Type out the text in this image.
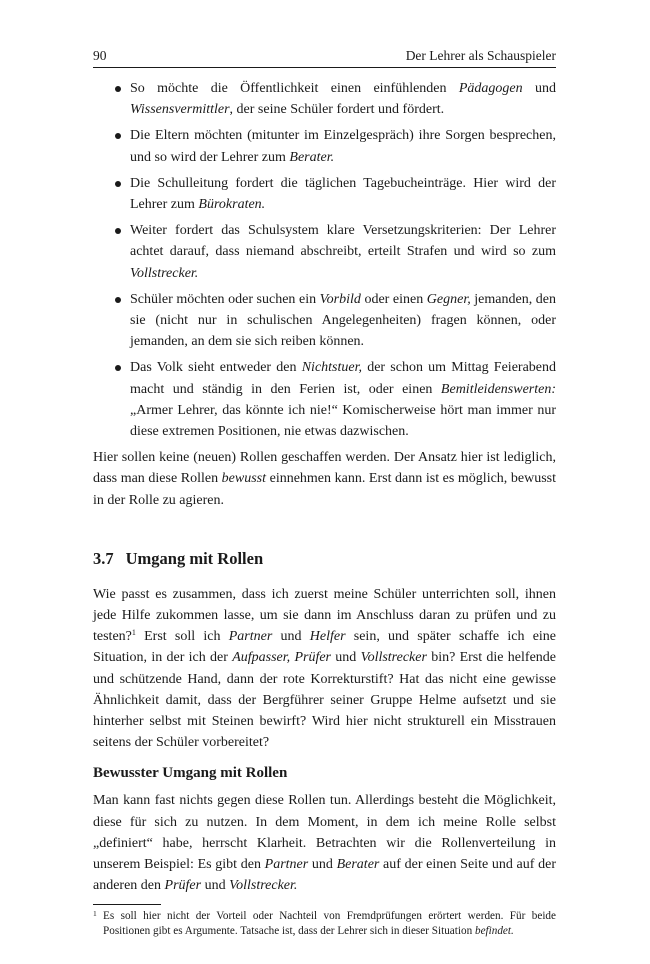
90	Der Lehrer als Schauspieler
So möchte die Öffentlichkeit einen einfühlenden Pädagogen und Wissensvermittler, der seine Schüler fordert und fördert.
Die Eltern möchten (mitunter im Einzelgespräch) ihre Sorgen besprechen, und so wird der Lehrer zum Berater.
Die Schulleitung fordert die täglichen Tagebucheinträge. Hier wird der Lehrer zum Bürokraten.
Weiter fordert das Schulsystem klare Versetzungskriterien: Der Lehrer achtet darauf, dass niemand abschreibt, erteilt Strafen und wird so zum Vollstrecker.
Schüler möchten oder suchen ein Vorbild oder einen Gegner, jemanden, den sie (nicht nur in schulischen Angelegenheiten) fragen können, oder jemanden, an dem sie sich reiben können.
Das Volk sieht entweder den Nichtstuer, der schon um Mittag Feierabend macht und ständig in den Ferien ist, oder einen Bemitleidenswerten: „Armer Lehrer, das könnte ich nie!“ Komischerweise hört man immer nur diese extremen Positionen, nie etwas dazwischen.

Hier sollen keine (neuen) Rollen geschaffen werden. Der Ansatz hier ist lediglich, dass man diese Rollen bewusst einnehmen kann. Erst dann ist es möglich, bewusst in der Rolle zu agieren.

3.7 Umgang mit Rollen

Wie passt es zusammen, dass ich zuerst meine Schüler unterrichten soll, ihnen jede Hilfe zukommen lasse, um sie dann im Anschluss daran zu prüfen und zu testen?$^1$ Erst soll ich Partner und Helfer sein, und später schaffe ich eine Situation, in der ich der Aufpasser, Prüfer und Vollstrecker bin? Erst die helfende und schützende Hand, dann der rote Korrekturstift? Hat das nicht eine gewisse Ähnlichkeit damit, dass der Bergführer seiner Gruppe Helme aufsetzt und sie hinterher selbst mit Steinen bewirft? Wird hier nicht strukturell ein Misstrauen seitens der Schüler vorbereitet?

Bewusster Umgang mit Rollen

Man kann fast nichts gegen diese Rollen tun. Allerdings besteht die Möglichkeit, diese für sich zu nutzen. In dem Moment, in dem ich meine Rolle selbst „definiert“ habe, herrscht Klarheit. Betrachten wir die Rollenverteilung in unserem Beispiel: Es gibt den Partner und Berater auf der einen Seite und auf der anderen den Prüfer und Vollstrecker.

1 Es soll hier nicht der Vorteil oder Nachteil von Fremdprüfungen erörtert werden. Für beide Positionen gibt es Argumente. Tatsache ist, dass der Lehrer sich in dieser Situation befindet.
